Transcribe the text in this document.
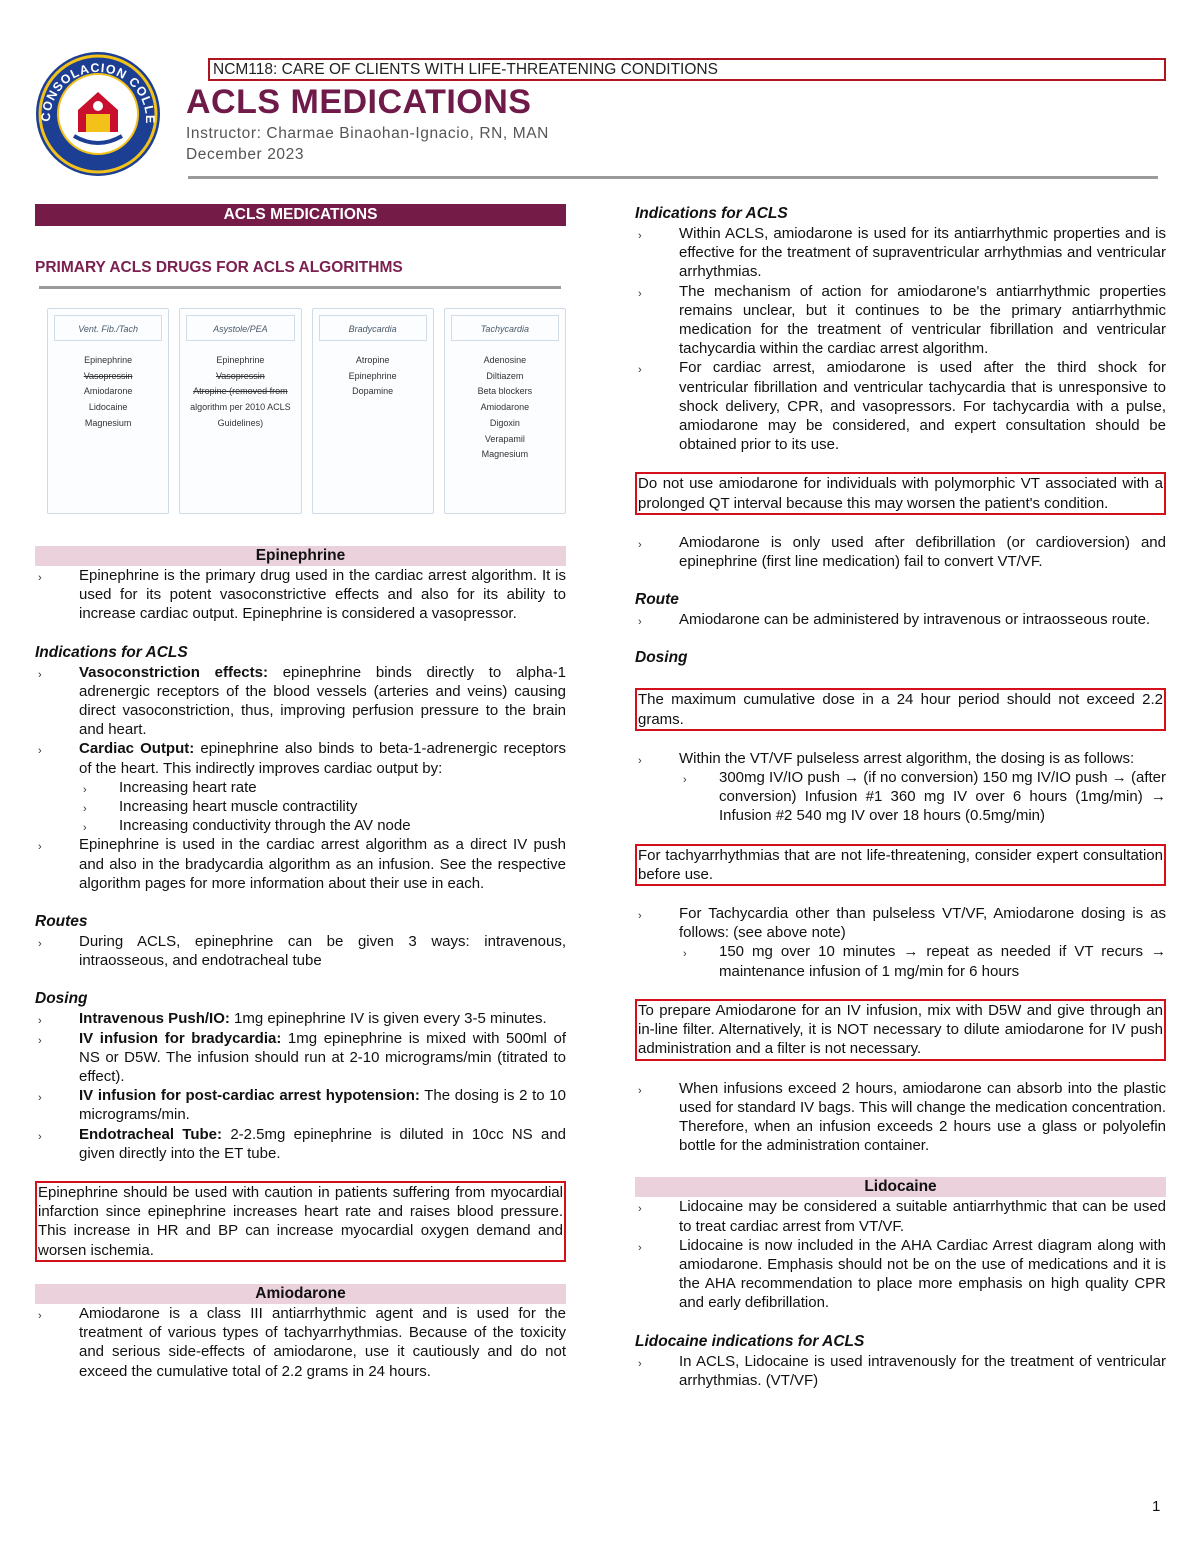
CONSOLACION COLLE
NCM118: CARE OF CLIENTS WITH LIFE-THREATENING CONDITIONS
ACLS MEDICATIONS
Instructor: Charmae Binaohan-Ignacio, RN, MAN
December 2023
ACLS MEDICATIONS
PRIMARY ACLS DRUGS FOR ACLS ALGORITHMS
Vent. Fib./Tach
Epinephrine
Vasopressin
Amiodarone
Lidocaine
Magnesium
Asystole/PEA
Epinephrine
Vasopressin
Atropine (removed from
algorithm per 2010 ACLS
Guidelines)
Bradycardia
Atropine
Epinephrine
Dopamine
Tachycardia
Adenosine
Diltiazem
Beta blockers
Amiodarone
Digoxin
Verapamil
Magnesium
Epinephrine
› Epinephrine is the primary drug used in the cardiac arrest algorithm. It is used for its potent vasoconstrictive effects and also for its ability to increase cardiac output. Epinephrine is considered a vasopressor.
Indications for ACLS
› Vasoconstriction effects: epinephrine binds directly to alpha-1 adrenergic receptors of the blood vessels (arteries and veins) causing direct vasoconstriction, thus, improving perfusion pressure to the brain and heart.
› Cardiac Output: epinephrine also binds to beta-1-adrenergic receptors of the heart. This indirectly improves cardiac output by:
› Increasing heart rate
› Increasing heart muscle contractility
› Increasing conductivity through the AV node
› Epinephrine is used in the cardiac arrest algorithm as a direct IV push and also in the bradycardia algorithm as an infusion. See the respective algorithm pages for more information about their use in each.
Routes
› During ACLS, epinephrine can be given 3 ways: intravenous, intraosseous, and endotracheal tube
Dosing
› Intravenous Push/IO: 1mg epinephrine IV is given every 3-5 minutes.
› IV infusion for bradycardia: 1mg epinephrine is mixed with 500ml of NS or D5W. The infusion should run at 2-10 micrograms/min (titrated to effect).
› IV infusion for post-cardiac arrest hypotension: The dosing is 2 to 10 micrograms/min.
› Endotracheal Tube: 2-2.5mg epinephrine is diluted in 10cc NS and given directly into the ET tube.
Epinephrine should be used with caution in patients suffering from myocardial infarction since epinephrine increases heart rate and raises blood pressure. This increase in HR and BP can increase myocardial oxygen demand and worsen ischemia.
Amiodarone
› Amiodarone is a class III antiarrhythmic agent and is used for the treatment of various types of tachyarrhythmias. Because of the toxicity and serious side-effects of amiodarone, use it cautiously and do not exceed the cumulative total of 2.2 grams in 24 hours.
Indications for ACLS
› Within ACLS, amiodarone is used for its antiarrhythmic properties and is effective for the treatment of supraventricular arrhythmias and ventricular arrhythmias.
› The mechanism of action for amiodarone's antiarrhythmic properties remains unclear, but it continues to be the primary antiarrhythmic medication for the treatment of ventricular fibrillation and ventricular tachycardia within the cardiac arrest algorithm.
› For cardiac arrest, amiodarone is used after the third shock for ventricular fibrillation and ventricular tachycardia that is unresponsive to shock delivery, CPR, and vasopressors. For tachycardia with a pulse, amiodarone may be considered, and expert consultation should be obtained prior to its use.
Do not use amiodarone for individuals with polymorphic VT associated with a prolonged QT interval because this may worsen the patient's condition.
› Amiodarone is only used after defibrillation (or cardioversion) and epinephrine (first line medication) fail to convert VT/VF.
Route
› Amiodarone can be administered by intravenous or intraosseous route.
Dosing
The maximum cumulative dose in a 24 hour period should not exceed 2.2 grams.
› Within the VT/VF pulseless arrest algorithm, the dosing is as follows:
› 300mg IV/IO push → (if no conversion) 150 mg IV/IO push → (after conversion) Infusion #1 360 mg IV over 6 hours (1mg/min) → Infusion #2 540 mg IV over 18 hours (0.5mg/min)
For tachyarrhythmias that are not life-threatening, consider expert consultation before use.
› For Tachycardia other than pulseless VT/VF, Amiodarone dosing is as follows: (see above note)
› 150 mg over 10 minutes → repeat as needed if VT recurs → maintenance infusion of 1 mg/min for 6 hours
To prepare Amiodarone for an IV infusion, mix with D5W and give through an in-line filter. Alternatively, it is NOT necessary to dilute amiodarone for IV push administration and a filter is not necessary.
› When infusions exceed 2 hours, amiodarone can absorb into the plastic used for standard IV bags. This will change the medication concentration. Therefore, when an infusion exceeds 2 hours use a glass or polyolefin bottle for the administration container.
Lidocaine
› Lidocaine may be considered a suitable antiarrhythmic that can be used to treat cardiac arrest from VT/VF.
› Lidocaine is now included in the AHA Cardiac Arrest diagram along with amiodarone. Emphasis should not be on the use of medications and it is the AHA recommendation to place more emphasis on high quality CPR and early defibrillation.
Lidocaine indications for ACLS
› In ACLS, Lidocaine is used intravenously for the treatment of ventricular arrhythmias. (VT/VF)
1
